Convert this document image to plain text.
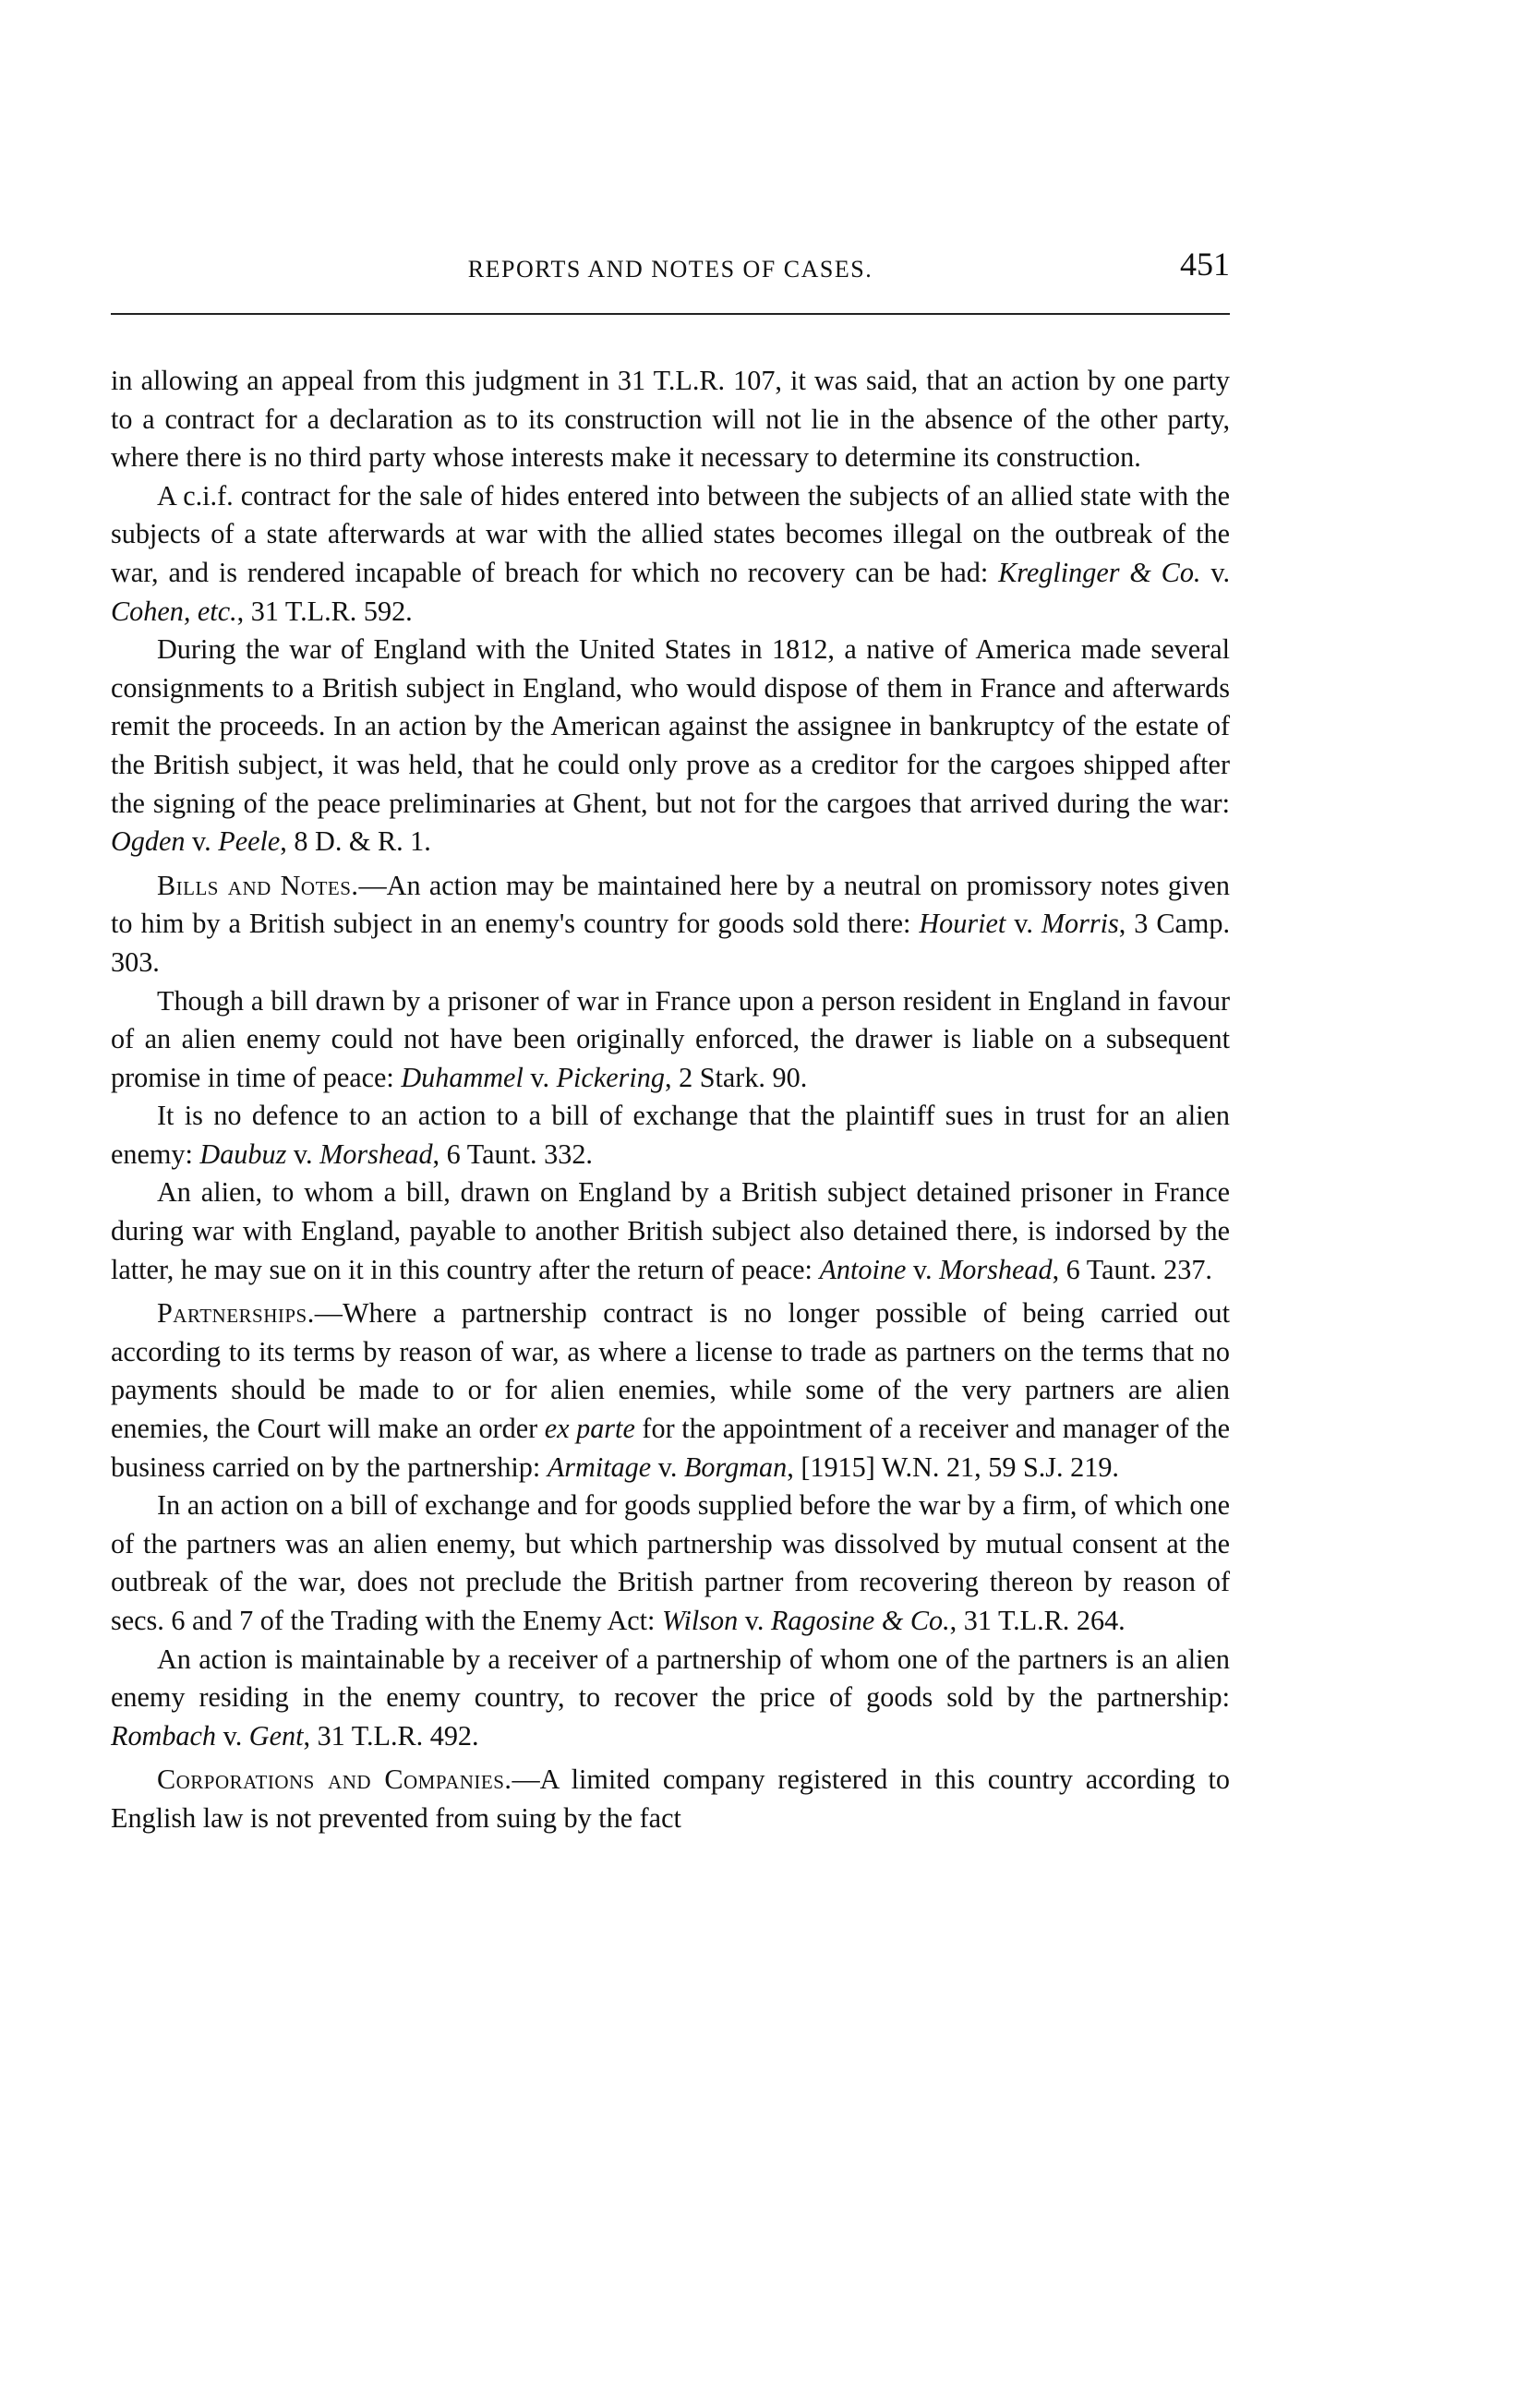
REPORTS AND NOTES OF CASES.	451

in allowing an appeal from this judgment in 31 T.L.R. 107, it was said, that an action by one party to a contract for a declaration as to its construction will not lie in the absence of the other party, where there is no third party whose interests make it necessary to determine its construction.

A c.i.f. contract for the sale of hides entered into between the subjects of an allied state with the subjects of a state afterwards at war with the allied states becomes illegal on the outbreak of the war, and is rendered incapable of breach for which no recovery can be had: Kreglinger & Co. v. Cohen, etc., 31 T.L.R. 592.

During the war of England with the United States in 1812, a native of America made several consignments to a British subject in England, who would dispose of them in France and afterwards remit the proceeds. In an action by the American against the assignee in bankruptcy of the estate of the British subject, it was held, that he could only prove as a creditor for the cargoes shipped after the signing of the peace preliminaries at Ghent, but not for the cargoes that arrived during the war: Ogden v. Peele, 8 D. & R. 1.

Bills and Notes.—An action may be maintained here by a neutral on promissory notes given to him by a British subject in an enemy's country for goods sold there: Houriet v. Morris, 3 Camp. 303.

Though a bill drawn by a prisoner of war in France upon a person resident in England in favour of an alien enemy could not have been originally enforced, the drawer is liable on a subsequent promise in time of peace: Duhammel v. Pickering, 2 Stark. 90.

It is no defence to an action to a bill of exchange that the plaintiff sues in trust for an alien enemy: Daubuz v. Morshead, 6 Taunt. 332.

An alien, to whom a bill, drawn on England by a British subject detained prisoner in France during war with England, payable to another British subject also detained there, is indorsed by the latter, he may sue on it in this country after the return of peace: Antoine v. Morshead, 6 Taunt. 237.

Partnerships.—Where a partnership contract is no longer possible of being carried out according to its terms by reason of war, as where a license to trade as partners on the terms that no payments should be made to or for alien enemies, while some of the very partners are alien enemies, the Court will make an order ex parte for the appointment of a receiver and manager of the business carried on by the partnership: Armitage v. Borgman, [1915] W.N. 21, 59 S.J. 219.

In an action on a bill of exchange and for goods supplied before the war by a firm, of which one of the partners was an alien enemy, but which partnership was dissolved by mutual consent at the outbreak of the war, does not preclude the British partner from recovering thereon by reason of secs. 6 and 7 of the Trading with the Enemy Act: Wilson v. Ragosine & Co., 31 T.L.R. 264.

An action is maintainable by a receiver of a partnership of whom one of the partners is an alien enemy residing in the enemy country, to recover the price of goods sold by the partnership: Rombach v. Gent, 31 T.L.R. 492.

Corporations and Companies.—A limited company registered in this country according to English law is not prevented from suing by the fact
